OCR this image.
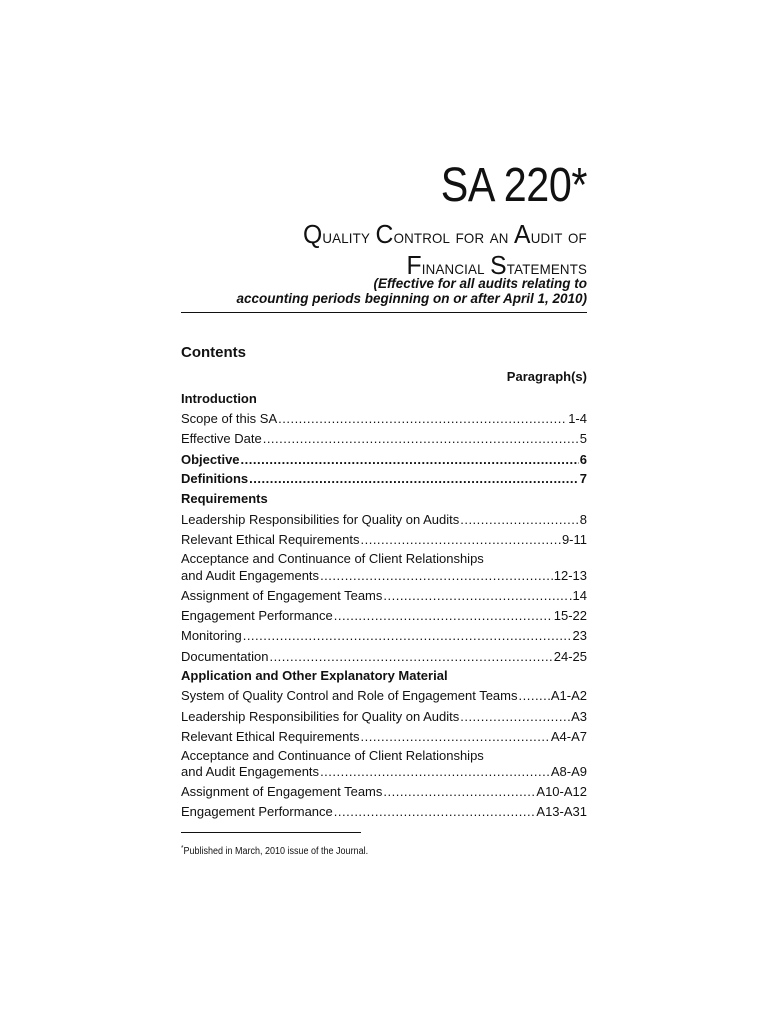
SA 220*
Quality Control for an Audit of
Financial Statements
(Effective for all audits relating to
accounting periods beginning on or after April 1, 2010)
Contents
Paragraph(s)
Introduction
Scope of this SA .....	1-4
Effective Date .....	5
Objective .....	6
Definitions .....	7
Requirements
Leadership Responsibilities for Quality on Audits .....	8
Relevant Ethical Requirements .....	9-11
Acceptance and Continuance of Client Relationships
and Audit Engagements .....	12-13
Assignment of Engagement Teams .....	.14
Engagement Performance .....	15-22
Monitoring .....	23
Documentation .....	24-25
Application and Other Explanatory Material
System of Quality Control and Role of Engagement Teams .....	A1-A2
Leadership Responsibilities for Quality on Audits .....	A3
Relevant Ethical Requirements .....	A4-A7
Acceptance and Continuance of Client Relationships
and Audit Engagements .....	A8-A9
Assignment of Engagement Teams .....	A10-A12
Engagement Performance .....	A13-A31
*Published in March, 2010 issue of the Journal.
